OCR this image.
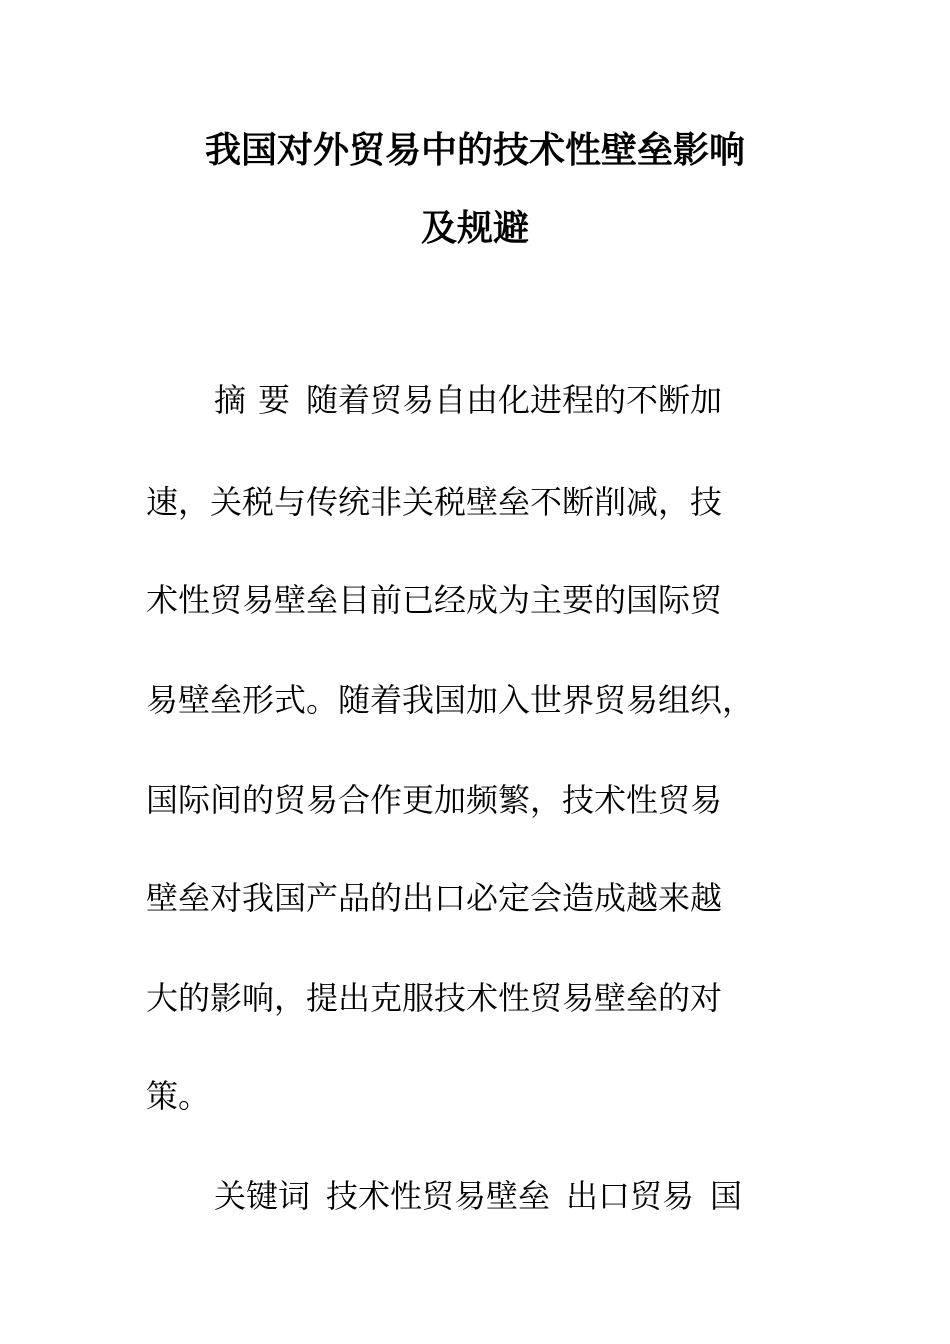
我国对外贸易中的技术性壁垒影响
及规避

摘 要 随着贸易自由化进程的不断加

速，关税与传统非关税壁垒不断削减，技

术性贸易壁垒目前已经成为主要的国际贸

易壁垒形式。随着我国加入世界贸易组织，

国际间的贸易合作更加频繁，技术性贸易

壁垒对我国产品的出口必定会造成越来越

大的影响，提出克服技术性贸易壁垒的对

策。

关键词 技术性贸易壁垒 出口贸易 国
